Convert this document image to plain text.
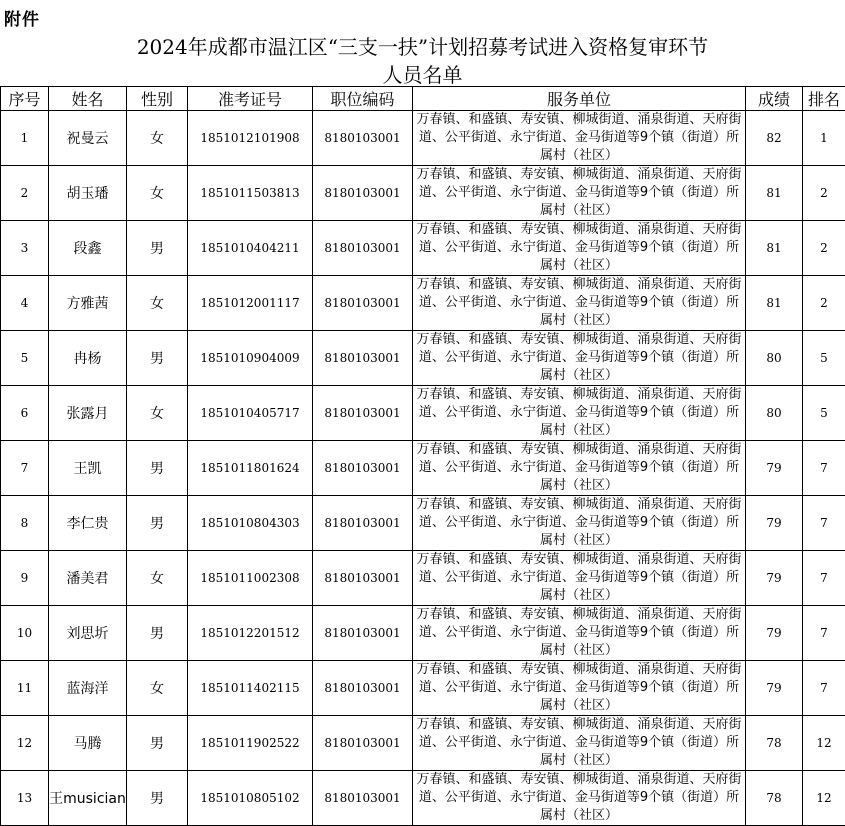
附件
2024年成都市温江区“三支一扶”计划招募考试进入资格复审环节
人员名单
序号	姓名	性别	准考证号	职位编码	服务单位	成绩	排名
1	祝曼云	女	1851012101908	8180103001	万春镇、和盛镇、寿安镇、柳城街道、涌泉街道、天府街道、公平街道、永宁街道、金马街道等9个镇（街道）所属村（社区）	82	1
2	胡玉璠	女	1851011503813	8180103001	万春镇、和盛镇、寿安镇、柳城街道、涌泉街道、天府街道、公平街道、永宁街道、金马街道等9个镇（街道）所属村（社区）	81	2
3	段鑫	男	1851010404211	8180103001	万春镇、和盛镇、寿安镇、柳城街道、涌泉街道、天府街道、公平街道、永宁街道、金马街道等9个镇（街道）所属村（社区）	81	2
4	方雅茜	女	1851012001117	8180103001	万春镇、和盛镇、寿安镇、柳城街道、涌泉街道、天府街道、公平街道、永宁街道、金马街道等9个镇（街道）所属村（社区）	81	2
5	冉杨	男	1851010904009	8180103001	万春镇、和盛镇、寿安镇、柳城街道、涌泉街道、天府街道、公平街道、永宁街道、金马街道等9个镇（街道）所属村（社区）	80	5
6	张露月	女	1851010405717	8180103001	万春镇、和盛镇、寿安镇、柳城街道、涌泉街道、天府街道、公平街道、永宁街道、金马街道等9个镇（街道）所属村（社区）	80	5
7	王凯	男	1851011801624	8180103001	万春镇、和盛镇、寿安镇、柳城街道、涌泉街道、天府街道、公平街道、永宁街道、金马街道等9个镇（街道）所属村（社区）	79	7
8	李仁贵	男	1851010804303	8180103001	万春镇、和盛镇、寿安镇、柳城街道、涌泉街道、天府街道、公平街道、永宁街道、金马街道等9个镇（街道）所属村（社区）	79	7
9	潘美君	女	1851011002308	8180103001	万春镇、和盛镇、寿安镇、柳城街道、涌泉街道、天府街道、公平街道、永宁街道、金马街道等9个镇（街道）所属村（社区）	79	7
10	刘思圻	男	1851012201512	8180103001	万春镇、和盛镇、寿安镇、柳城街道、涌泉街道、天府街道、公平街道、永宁街道、金马街道等9个镇（街道）所属村（社区）	79	7
11	蓝海洋	女	1851011402115	8180103001	万春镇、和盛镇、寿安镇、柳城街道、涌泉街道、天府街道、公平街道、永宁街道、金马街道等9个镇（街道）所属村（社区）	79	7
12	马腾	男	1851011902522	8180103001	万春镇、和盛镇、寿安镇、柳城街道、涌泉街道、天府街道、公平街道、永宁街道、金马街道等9个镇（街道）所属村（社区）	78	12
13	王musician	男	1851010805102	8180103001	万春镇、和盛镇、寿安镇、柳城街道、涌泉街道、天府街道、公平街道、永宁街道、金马街道等9个镇（街道）所属村（社区）	78	12
